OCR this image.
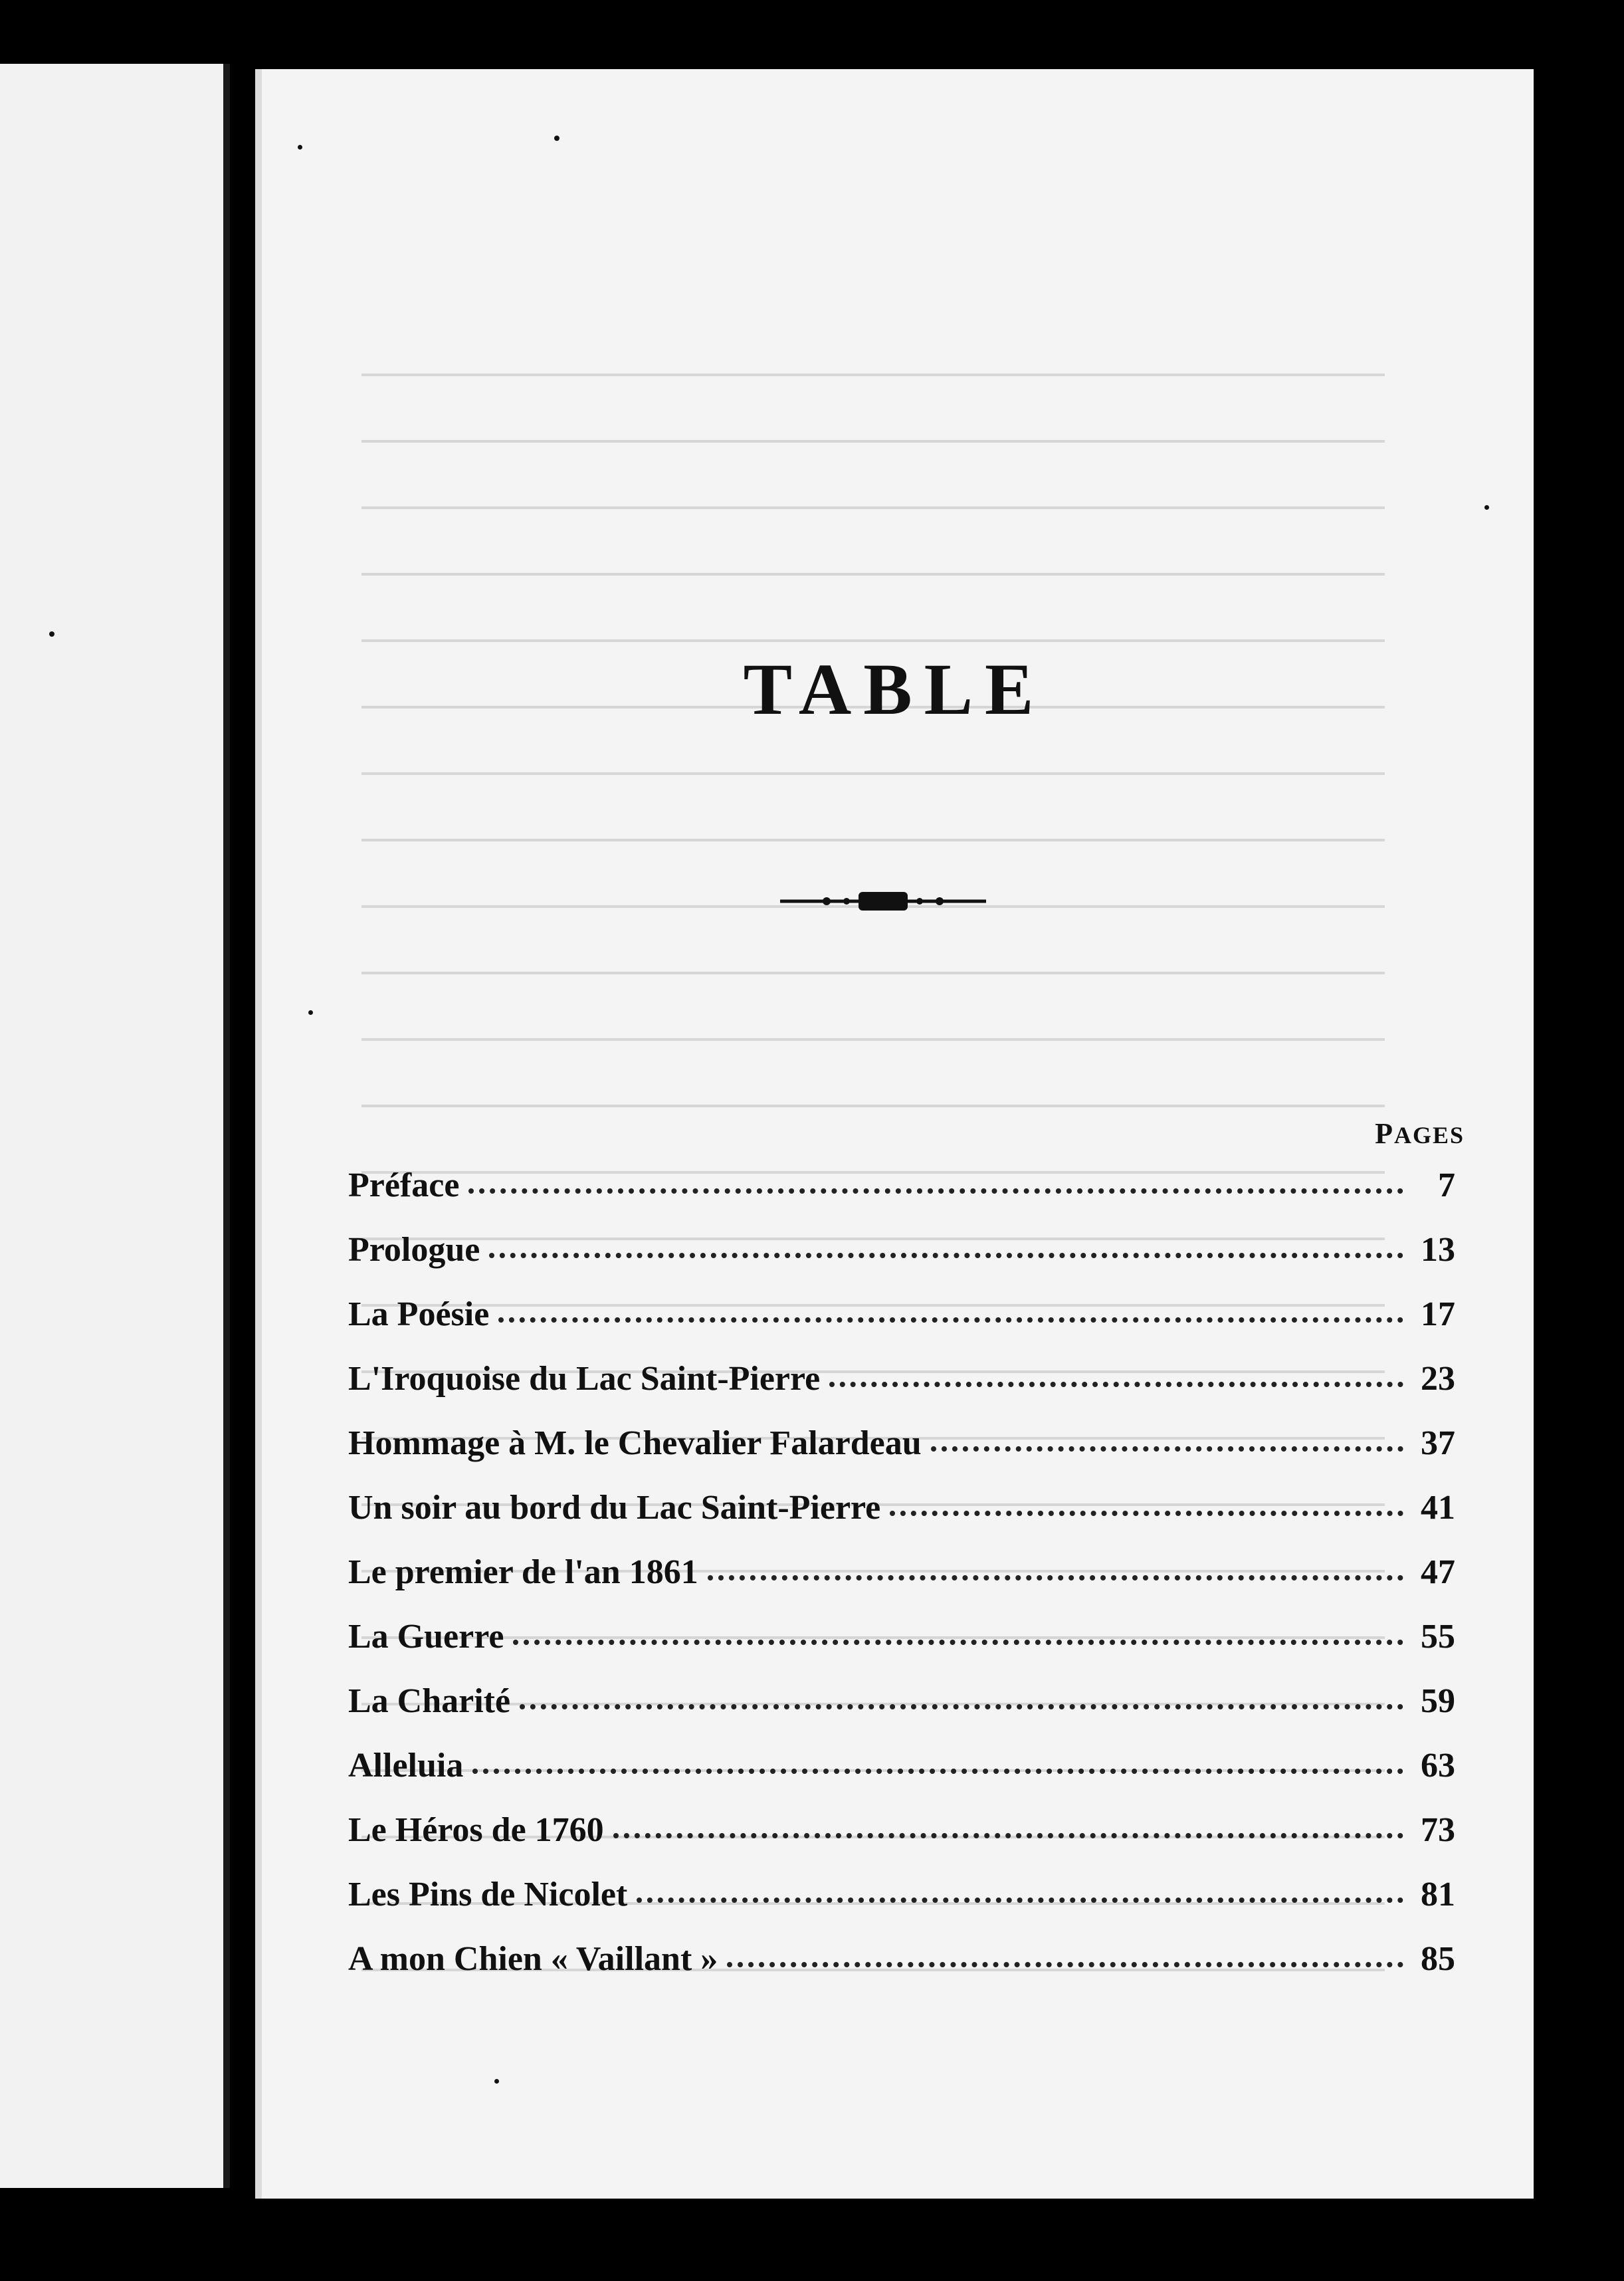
TABLE
PAGES
Préface	7
Prologue	13
La Poésie	17
L'Iroquoise du Lac Saint-Pierre	23
Hommage à M. le Chevalier Falardeau	37
Un soir au bord du Lac Saint-Pierre	41
Le premier de l'an 1861	47
La Guerre	55
La Charité	59
Alleluia	63
Le Héros de 1760	73
Les Pins de Nicolet	81
A mon Chien « Vaillant »	85
